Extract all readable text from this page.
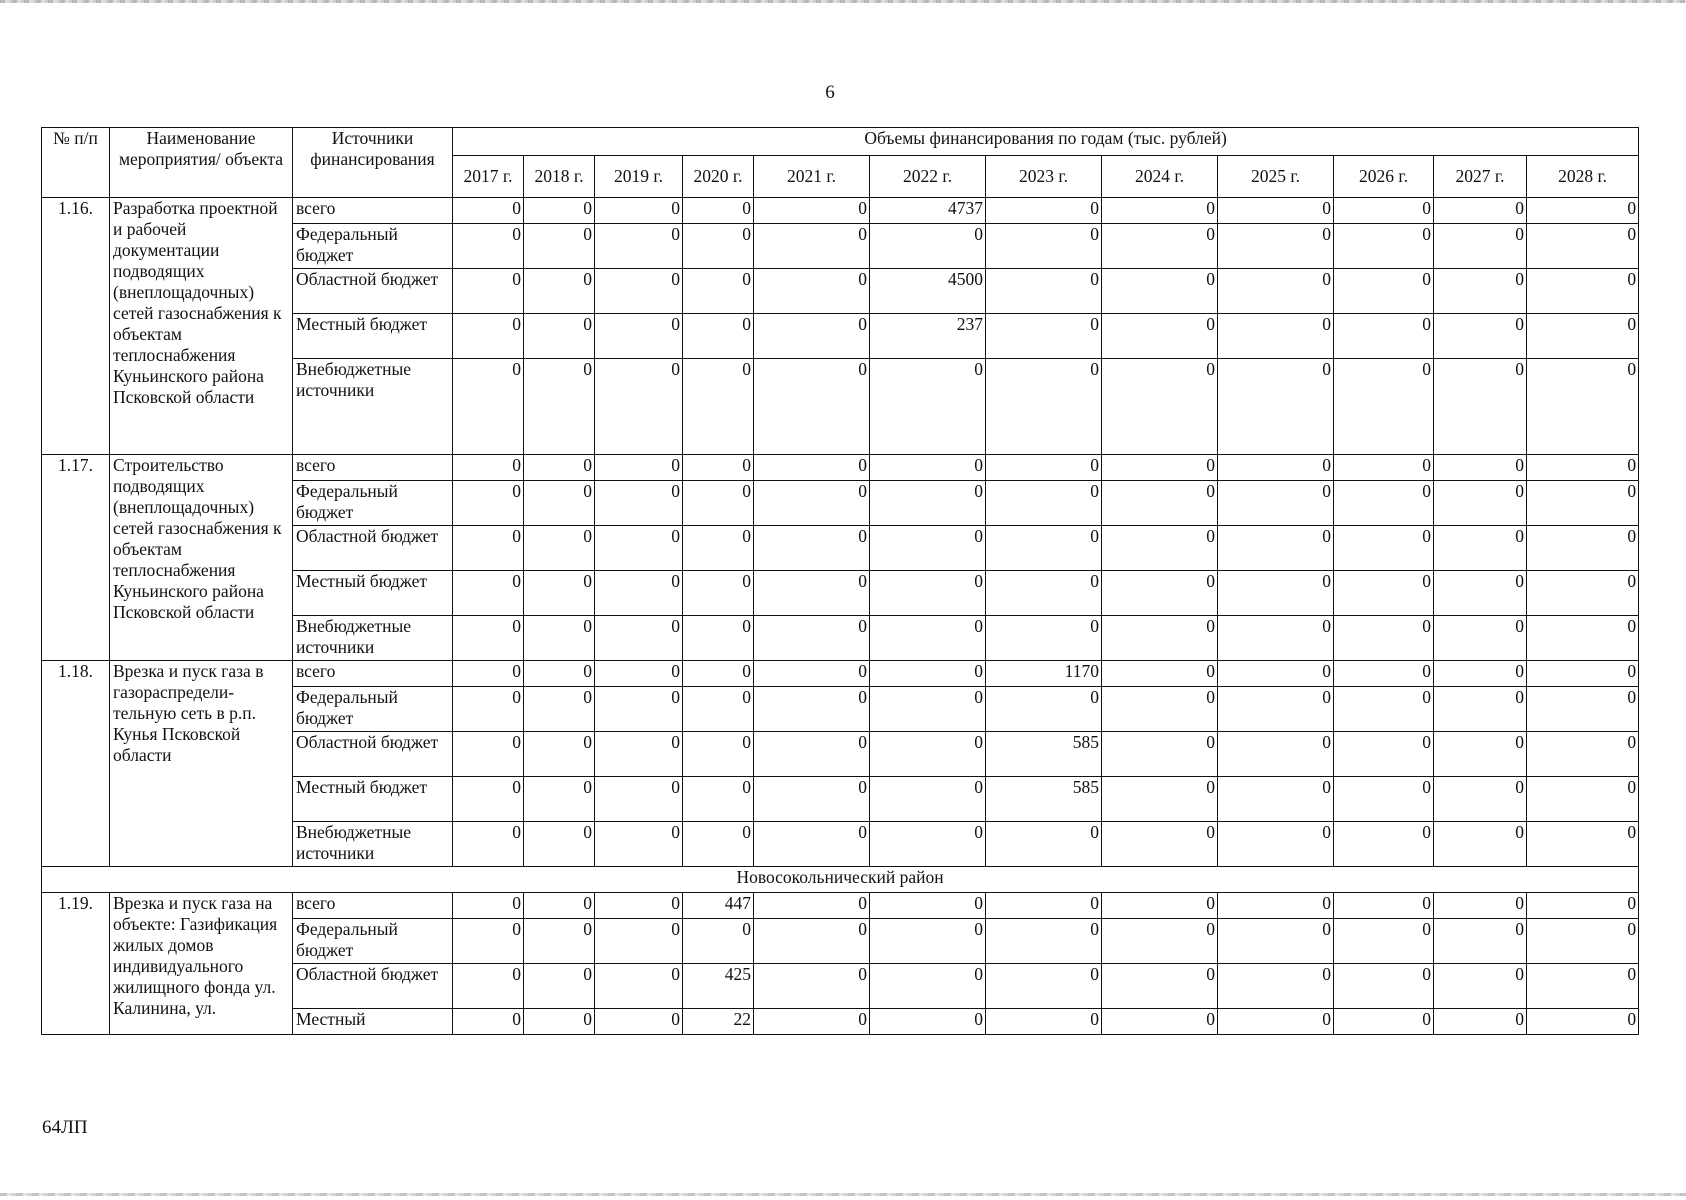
6
№ п/п	Наименование мероприятия/ объекта	Источники финансирования	Объемы финансирования по годам (тыс. рублей)											
			2017 г.	2018 г.	2019 г.	2020 г.	2021 г.	2022 г.	2023 г.	2024 г.	2025 г.	2026 г.	2027 г.	2028 г.
1.16.	Разработка проектной и рабочей документации подводящих (внеплощадочных) сетей газоснабжения к объектам теплоснабжения Куньинского района Псковской области	всего	0	0	0	0	0	4737	0	0	0	0	0	0
		Федеральный бюджет	0	0	0	0	0	0	0	0	0	0	0	0
		Областной бюджет	0	0	0	0	0	4500	0	0	0	0	0	0
		Местный бюджет	0	0	0	0	0	237	0	0	0	0	0	0
		Внебюджетные источники	0	0	0	0	0	0	0	0	0	0	0	0
1.17.	Строительство подводящих (внеплощадочных) сетей газоснабжения к объектам теплоснабжения Куньинского района Псковской области	всего	0	0	0	0	0	0	0	0	0	0	0	0
		Федеральный бюджет	0	0	0	0	0	0	0	0	0	0	0	0
		Областной бюджет	0	0	0	0	0	0	0	0	0	0	0	0
		Местный бюджет	0	0	0	0	0	0	0	0	0	0	0	0
		Внебюджетные источники	0	0	0	0	0	0	0	0	0	0	0	0
1.18.	Врезка и пуск газа в газораспредели-тельную сеть в р.п. Кунья Псковской области	всего	0	0	0	0	0	0	1170	0	0	0	0	0
		Федеральный бюджет	0	0	0	0	0	0	0	0	0	0	0	0
		Областной бюджет	0	0	0	0	0	0	585	0	0	0	0	0
		Местный бюджет	0	0	0	0	0	0	585	0	0	0	0	0
		Внебюджетные источники	0	0	0	0	0	0	0	0	0	0	0	0
Новосокольнический район														
1.19.	Врезка и пуск газа на объекте: Газификация жилых домов индивидуального жилищного фонда ул. Калинина, ул.	всего	0	0	0	447	0	0	0	0	0	0	0	0
		Федеральный бюджет	0	0	0	0	0	0	0	0	0	0	0	0
		Областной бюджет	0	0	0	425	0	0	0	0	0	0	0	0
		Местный	0	0	0	22	0	0	0	0	0	0	0	0
64ЛП
